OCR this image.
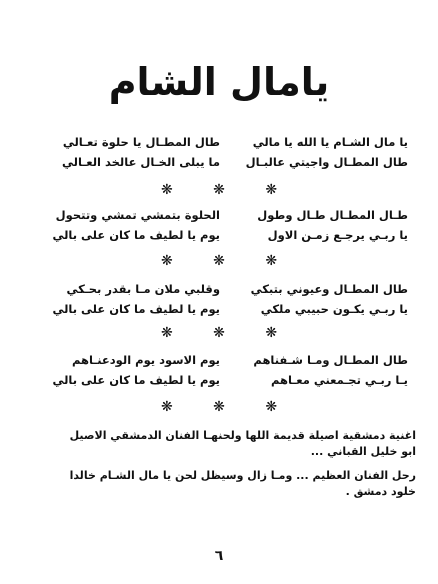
يامال الشام
يا مال الشـام يا الله يا مالي
طال المطـال يا حلوة تعـالي
طال المطـال واجيتي عالبـال
ما يبلى الخـال عالخد العـالي
❋ ❋ ❋
طـال المطـال طـال وطول
الحلوة بتمشي تمشي وتتحول
يا ربـي يرجـع زمـن الاول
يوم يا لطيف ما كان على بالي
❋ ❋ ❋
طال المطـال وعيوني بتبكي
وقلبي ملان مـا بقدر بحـكي
يا ربـي يكـون حبيبي ملكي
يوم يا لطيف ما كان على بالي
❋ ❋ ❋
طال المطـال ومـا شـفناهم
يوم الاسود يوم الودعنـاهم
يـا ربـي تجـمعني معـاهم
يوم يا لطيف ما كان على بالي
❋ ❋ ❋
اغنية دمشقية اصيلة قديمة اللها ولحنهـا الفنان الدمشقي الاصيل
ابو خليل القباني ...
رحل الفنان العظيم ... ومـا زال وسيظل لحن يا مال الشـام خالدا
خلود دمشق .
٦
